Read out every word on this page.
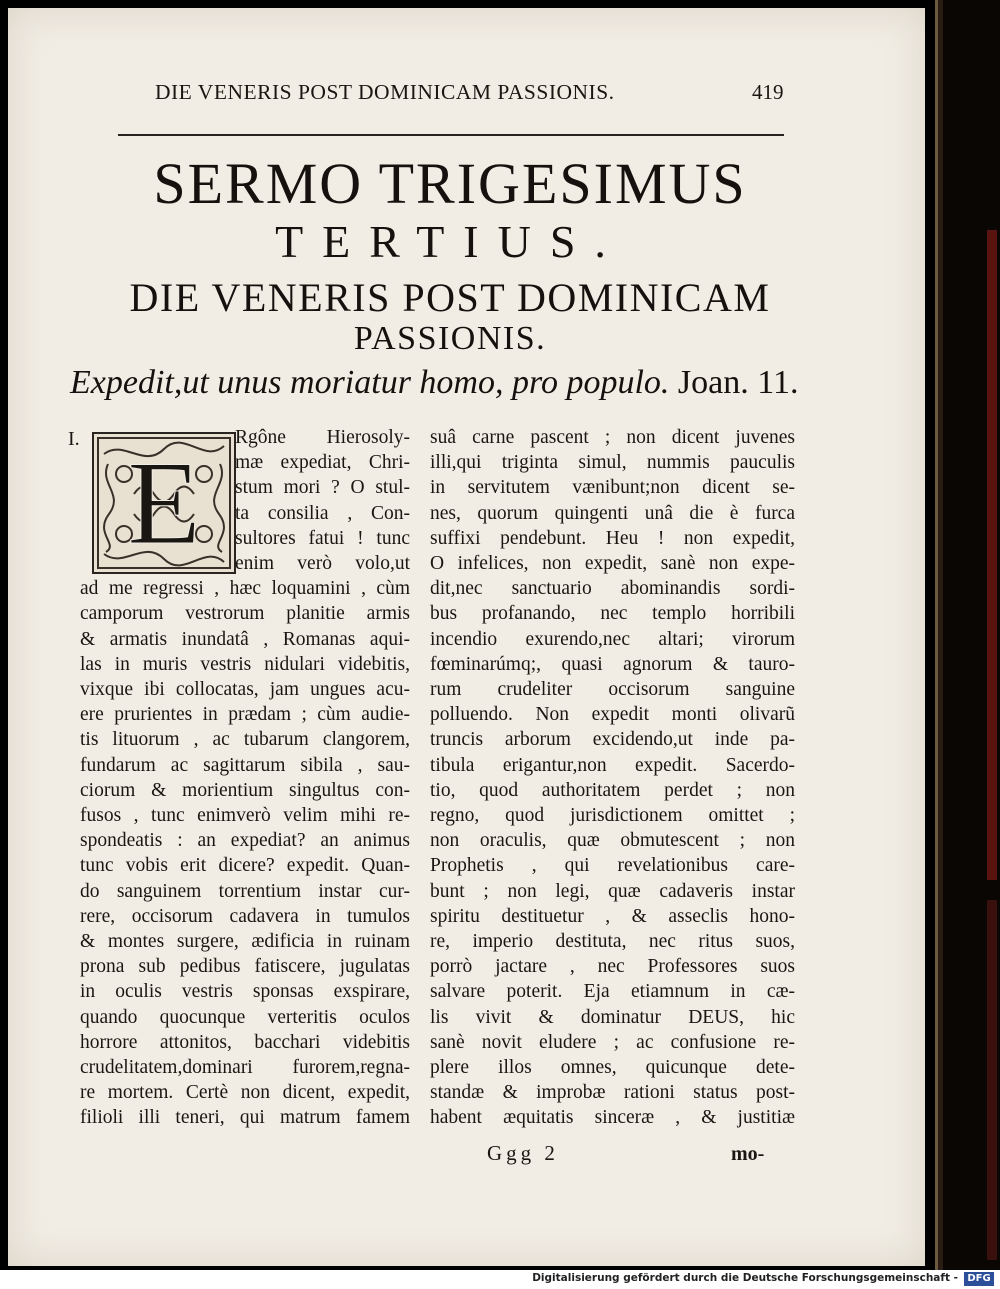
DIE VENERIS POST DOMINICAM PASSIONIS.	419
SERMO TRIGESIMUS
TERTIUS.
DIE VENERIS POST DOMINICAM
PASSIONIS.
Expedit,ut unus moriatur homo, pro populo. Joan. 11.
I. E	Rgône Hierosoly-
mæ expediat, Chri-
stum mori ? O stul-
ta consilia , Con-
sultores fatui ! tunc
enim verò volo,ut
ad me regressi , hæc loquamini , cùm
camporum vestrorum planitie armis
& armatis inundatâ , Romanas aqui-
las in muris vestris nidulari videbitis,
vixque ibi collocatas, jam ungues acu-
ere prurientes in prædam ; cùm audie-
tis lituorum , ac tubarum clangorem,
fundarum ac sagittarum sibila , sau-
ciorum & morientium singultus con-
fusos , tunc enimverò velim mihi re-
spondeatis : an expediat? an animus
tunc vobis erit dicere? expedit. Quan-
do sanguinem torrentium instar cur-
rere, occisorum cadavera in tumulos
& montes surgere, ædificia in ruinam
prona sub pedibus fatiscere, jugulatas
in oculis vestris sponsas exspirare,
quando quocunque verteritis oculos
horrore attonitos, bacchari videbitis
crudelitatem,dominari furorem,regna-
re mortem. Certè non dicent, expedit,
filioli illi teneri, qui matrum famem
suâ carne pascent ; non dicent juvenes
illi,qui triginta simul, nummis pauculis
in servitutem vænibunt;non dicent se-
nes, quorum quingenti unâ die è furca
suffixi pendebunt. Heu ! non expedit,
O infelices, non expedit, sanè non expe-
dit,nec sanctuario abominandis sordi-
bus profanando, nec templo horribili
incendio exurendo,nec altari; virorum
fœminarúmq;, quasi agnorum & tauro-
rum crudeliter occisorum sanguine
polluendo. Non expedit monti olivarũ
truncis arborum excidendo,ut inde pa-
tibula erigantur,non expedit. Sacerdo-
tio, quod authoritatem perdet ; non
regno, quod jurisdictionem omittet ;
non oraculis, quæ obmutescent ; non
Prophetis , qui revelationibus care-
bunt ; non legi, quæ cadaveris instar
spiritu destituetur , & asseclis hono-
re, imperio destituta, nec ritus suos,
porrò jactare , nec Professores suos
salvare poterit. Eja etiamnum in cæ-
lis vivit & dominatur DEUS, hic
sanè novit eludere ; ac confusione re-
plere illos omnes, quicunque dete-
standæ & improbæ rationi status post-
habent æquitatis sinceræ , & justitiæ
Ggg 2	mo-
Digitalisierung gefördert durch die Deutsche Forschungsgemeinschaft - DFG
